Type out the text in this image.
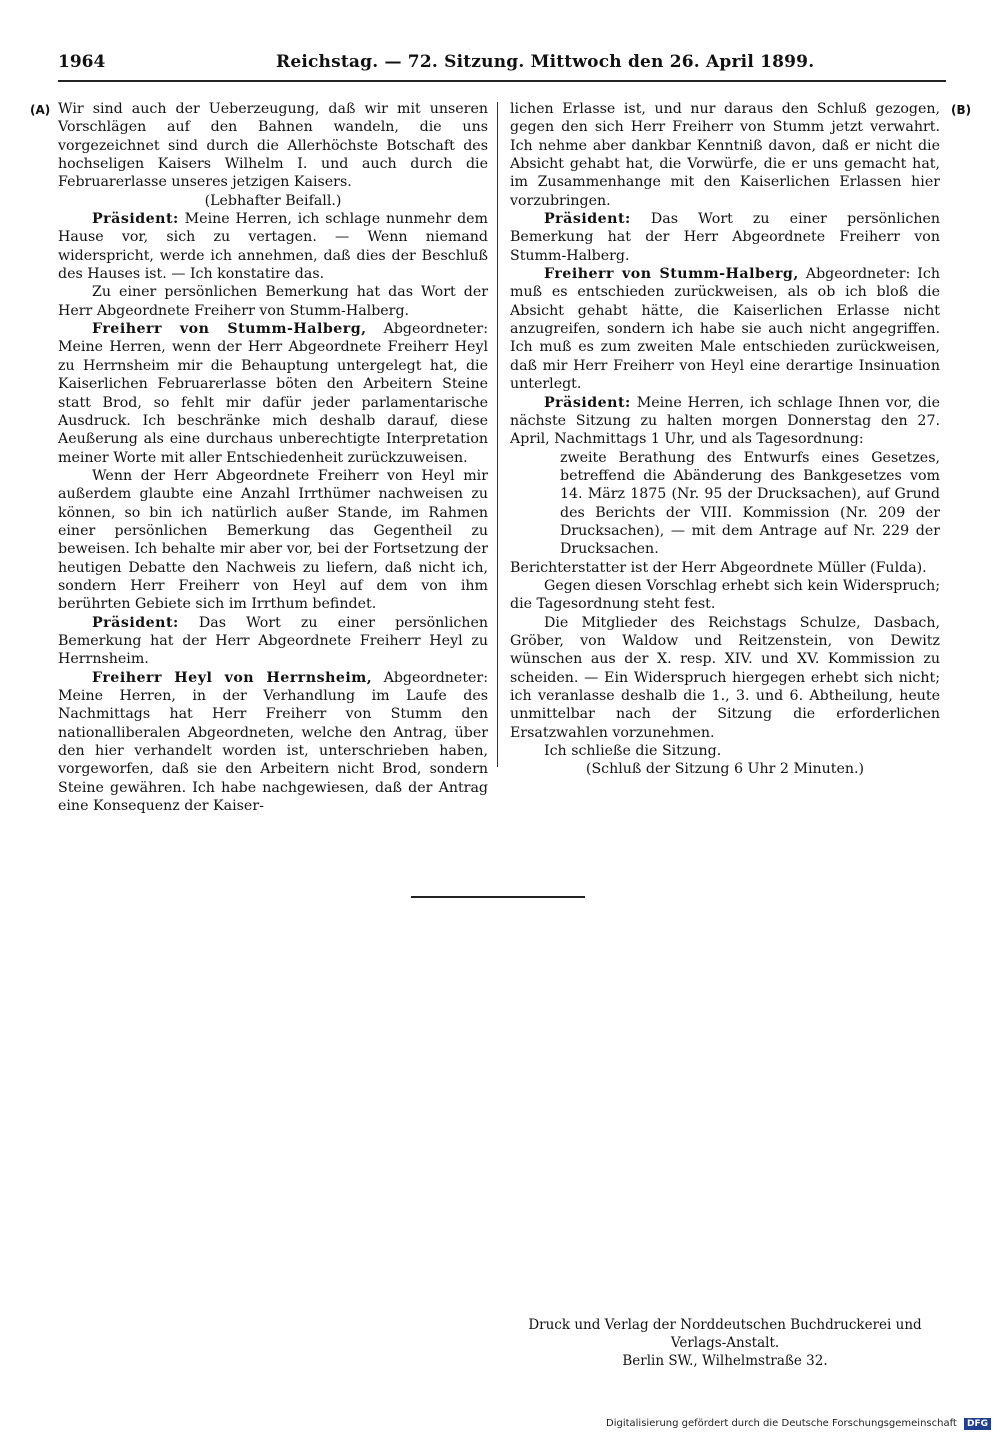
1964	Reichstag. — 72. Sitzung. Mittwoch den 26. April 1899.
(A)	(B)

Wir sind auch der Ueberzeugung, daß wir mit unseren Vorschlägen auf den Bahnen wandeln, die uns vorgezeichnet sind durch die Allerhöchste Botschaft des hochseligen Kaisers Wilhelm I. und auch durch die Februarerlasse unseres jetzigen Kaisers.

(Lebhafter Beifall.)

Präsident: Meine Herren, ich schlage nunmehr dem Hause vor, sich zu vertagen. — Wenn niemand widerspricht, werde ich annehmen, daß dies der Beschluß des Hauses ist. — Ich konstatire das.

Zu einer persönlichen Bemerkung hat das Wort der Herr Abgeordnete Freiherr von Stumm-Halberg.

Freiherr von Stumm-Halberg, Abgeordneter: Meine Herren, wenn der Herr Abgeordnete Freiherr Heyl zu Herrnsheim mir die Behauptung untergelegt hat, die Kaiserlichen Februarerlasse böten den Arbeitern Steine statt Brod, so fehlt mir dafür jeder parlamentarische Ausdruck. Ich beschränke mich deshalb darauf, diese Aeußerung als eine durchaus unberechtigte Interpretation meiner Worte mit aller Entschiedenheit zurückzuweisen.

Wenn der Herr Abgeordnete Freiherr von Heyl mir außerdem glaubte eine Anzahl Irrthümer nachweisen zu können, so bin ich natürlich außer Stande, im Rahmen einer persönlichen Bemerkung das Gegentheil zu beweisen. Ich behalte mir aber vor, bei der Fortsetzung der heutigen Debatte den Nachweis zu liefern, daß nicht ich, sondern Herr Freiherr von Heyl auf dem von ihm berührten Gebiete sich im Irrthum befindet.

Präsident: Das Wort zu einer persönlichen Bemerkung hat der Herr Abgeordnete Freiherr Heyl zu Herrnsheim.

Freiherr Heyl von Herrnsheim, Abgeordneter: Meine Herren, in der Verhandlung im Laufe des Nachmittags hat Herr Freiherr von Stumm den nationalliberalen Abgeordneten, welche den Antrag, über den hier verhandelt worden ist, unterschrieben haben, vorgeworfen, daß sie den Arbeitern nicht Brod, sondern Steine gewähren. Ich habe nachgewiesen, daß der Antrag eine Konsequenz der Kaiser-

lichen Erlasse ist, und nur daraus den Schluß gezogen, gegen den sich Herr Freiherr von Stumm jetzt verwahrt. Ich nehme aber dankbar Kenntniß davon, daß er nicht die Absicht gehabt hat, die Vorwürfe, die er uns gemacht hat, im Zusammenhange mit den Kaiserlichen Erlassen hier vorzubringen.

Präsident: Das Wort zu einer persönlichen Bemerkung hat der Herr Abgeordnete Freiherr von Stumm-Halberg.

Freiherr von Stumm-Halberg, Abgeordneter: Ich muß es entschieden zurückweisen, als ob ich bloß die Absicht gehabt hätte, die Kaiserlichen Erlasse nicht anzugreifen, sondern ich habe sie auch nicht angegriffen. Ich muß es zum zweiten Male entschieden zurückweisen, daß mir Herr Freiherr von Heyl eine derartige Insinuation unterlegt.

Präsident: Meine Herren, ich schlage Ihnen vor, die nächste Sitzung zu halten morgen Donnerstag den 27. April, Nachmittags 1 Uhr, und als Tagesordnung:

zweite Berathung des Entwurfs eines Gesetzes, betreffend die Abänderung des Bankgesetzes vom 14. März 1875 (Nr. 95 der Drucksachen), auf Grund des Berichts der VIII. Kommission (Nr. 209 der Drucksachen), — mit dem Antrage auf Nr. 229 der Drucksachen.

Berichterstatter ist der Herr Abgeordnete Müller (Fulda).

Gegen diesen Vorschlag erhebt sich kein Widerspruch; die Tagesordnung steht fest.

Die Mitglieder des Reichstags Schulze, Dasbach, Gröber, von Waldow und Reitzenstein, von Dewitz wünschen aus der X. resp. XIV. und XV. Kommission zu scheiden. — Ein Widerspruch hiergegen erhebt sich nicht; ich veranlasse deshalb die 1., 3. und 6. Abtheilung, heute unmittelbar nach der Sitzung die erforderlichen Ersatzwahlen vorzunehmen.

Ich schließe die Sitzung.

(Schluß der Sitzung 6 Uhr 2 Minuten.)

Druck und Verlag der Norddeutschen Buchdruckerei und Verlags-Anstalt.
Berlin SW., Wilhelmstraße 32.
Digitalisierung gefördert durch die Deutsche Forschungsgemeinschaft DFG
